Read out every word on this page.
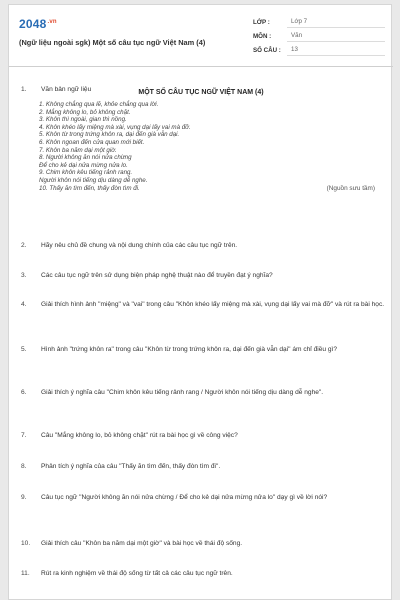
$2048^{.vn}$
(Ngữ liệu ngoài sgk) Một số câu tục ngữ Việt Nam (4)
LỚP :	Lớp 7
MÔN :	Văn
SỐ CÂU :	13
1.	Văn bản ngữ liệu	MỘT SỐ CÂU TỤC NGỮ VIỆT NAM (4)
1. Không chắng qua lẽ, khỏe chắng qua lời.
2. Mắng không lo, bỏ không chặt.
3. Khôn thì ngoài, gian thì nồng.
4. Khôn khéo lấy miệng mà xài, vụng dại lấy vai mà đỡ.
5. Khôn từ trong trứng khôn ra, dại đến già vẫn dại.
6. Khôn ngoan đến cửa quan mới biết.
7. Khôn ba năm dại một giờ.
8. Người không ăn nói nửa chừng
Để cho kẻ dại nửa mừng nửa lo.
9. Chim khôn kêu tiếng rảnh rang.
Người khôn nói tiếng dịu dàng dễ nghe.
10. Thấy ăn tìm đến, thấy đòn tìm đi.	(Nguồn sưu tầm)
2.	Hãy nêu chủ đề chung và nội dung chính của các câu tục ngữ trên.
3.	Các câu tục ngữ trên sử dụng biện pháp nghệ thuật nào để truyền đạt ý nghĩa?
4.	Giải thích hình ảnh "miệng" và "vai" trong câu "Khôn khéo lấy miệng mà xài, vụng dại lấy vai mà đỡ" và rút ra bài học.
5.	Hình ảnh "trứng khôn ra" trong câu "Khôn từ trong trứng khôn ra, dại đến già vẫn dại" ám chỉ điều gì?
6.	Giải thích ý nghĩa câu "Chim khôn kêu tiếng rảnh rang / Người khôn nói tiếng dịu dàng dễ nghe".
7.	Câu "Mắng không lo, bỏ không chặt" rút ra bài học gì về công việc?
8.	Phân tích ý nghĩa của câu "Thấy ăn tìm đến, thấy đòn tìm đi".
9.	Câu tục ngữ "Người không ăn nói nửa chừng / Để cho kẻ dại nửa mừng nửa lo" dạy gì về lời nói?
10.	Giải thích câu "Khôn ba năm dại một giờ" và bài học về thái độ sống.
11.	Rút ra kinh nghiệm về thái độ sống từ tất cả các câu tục ngữ trên.
